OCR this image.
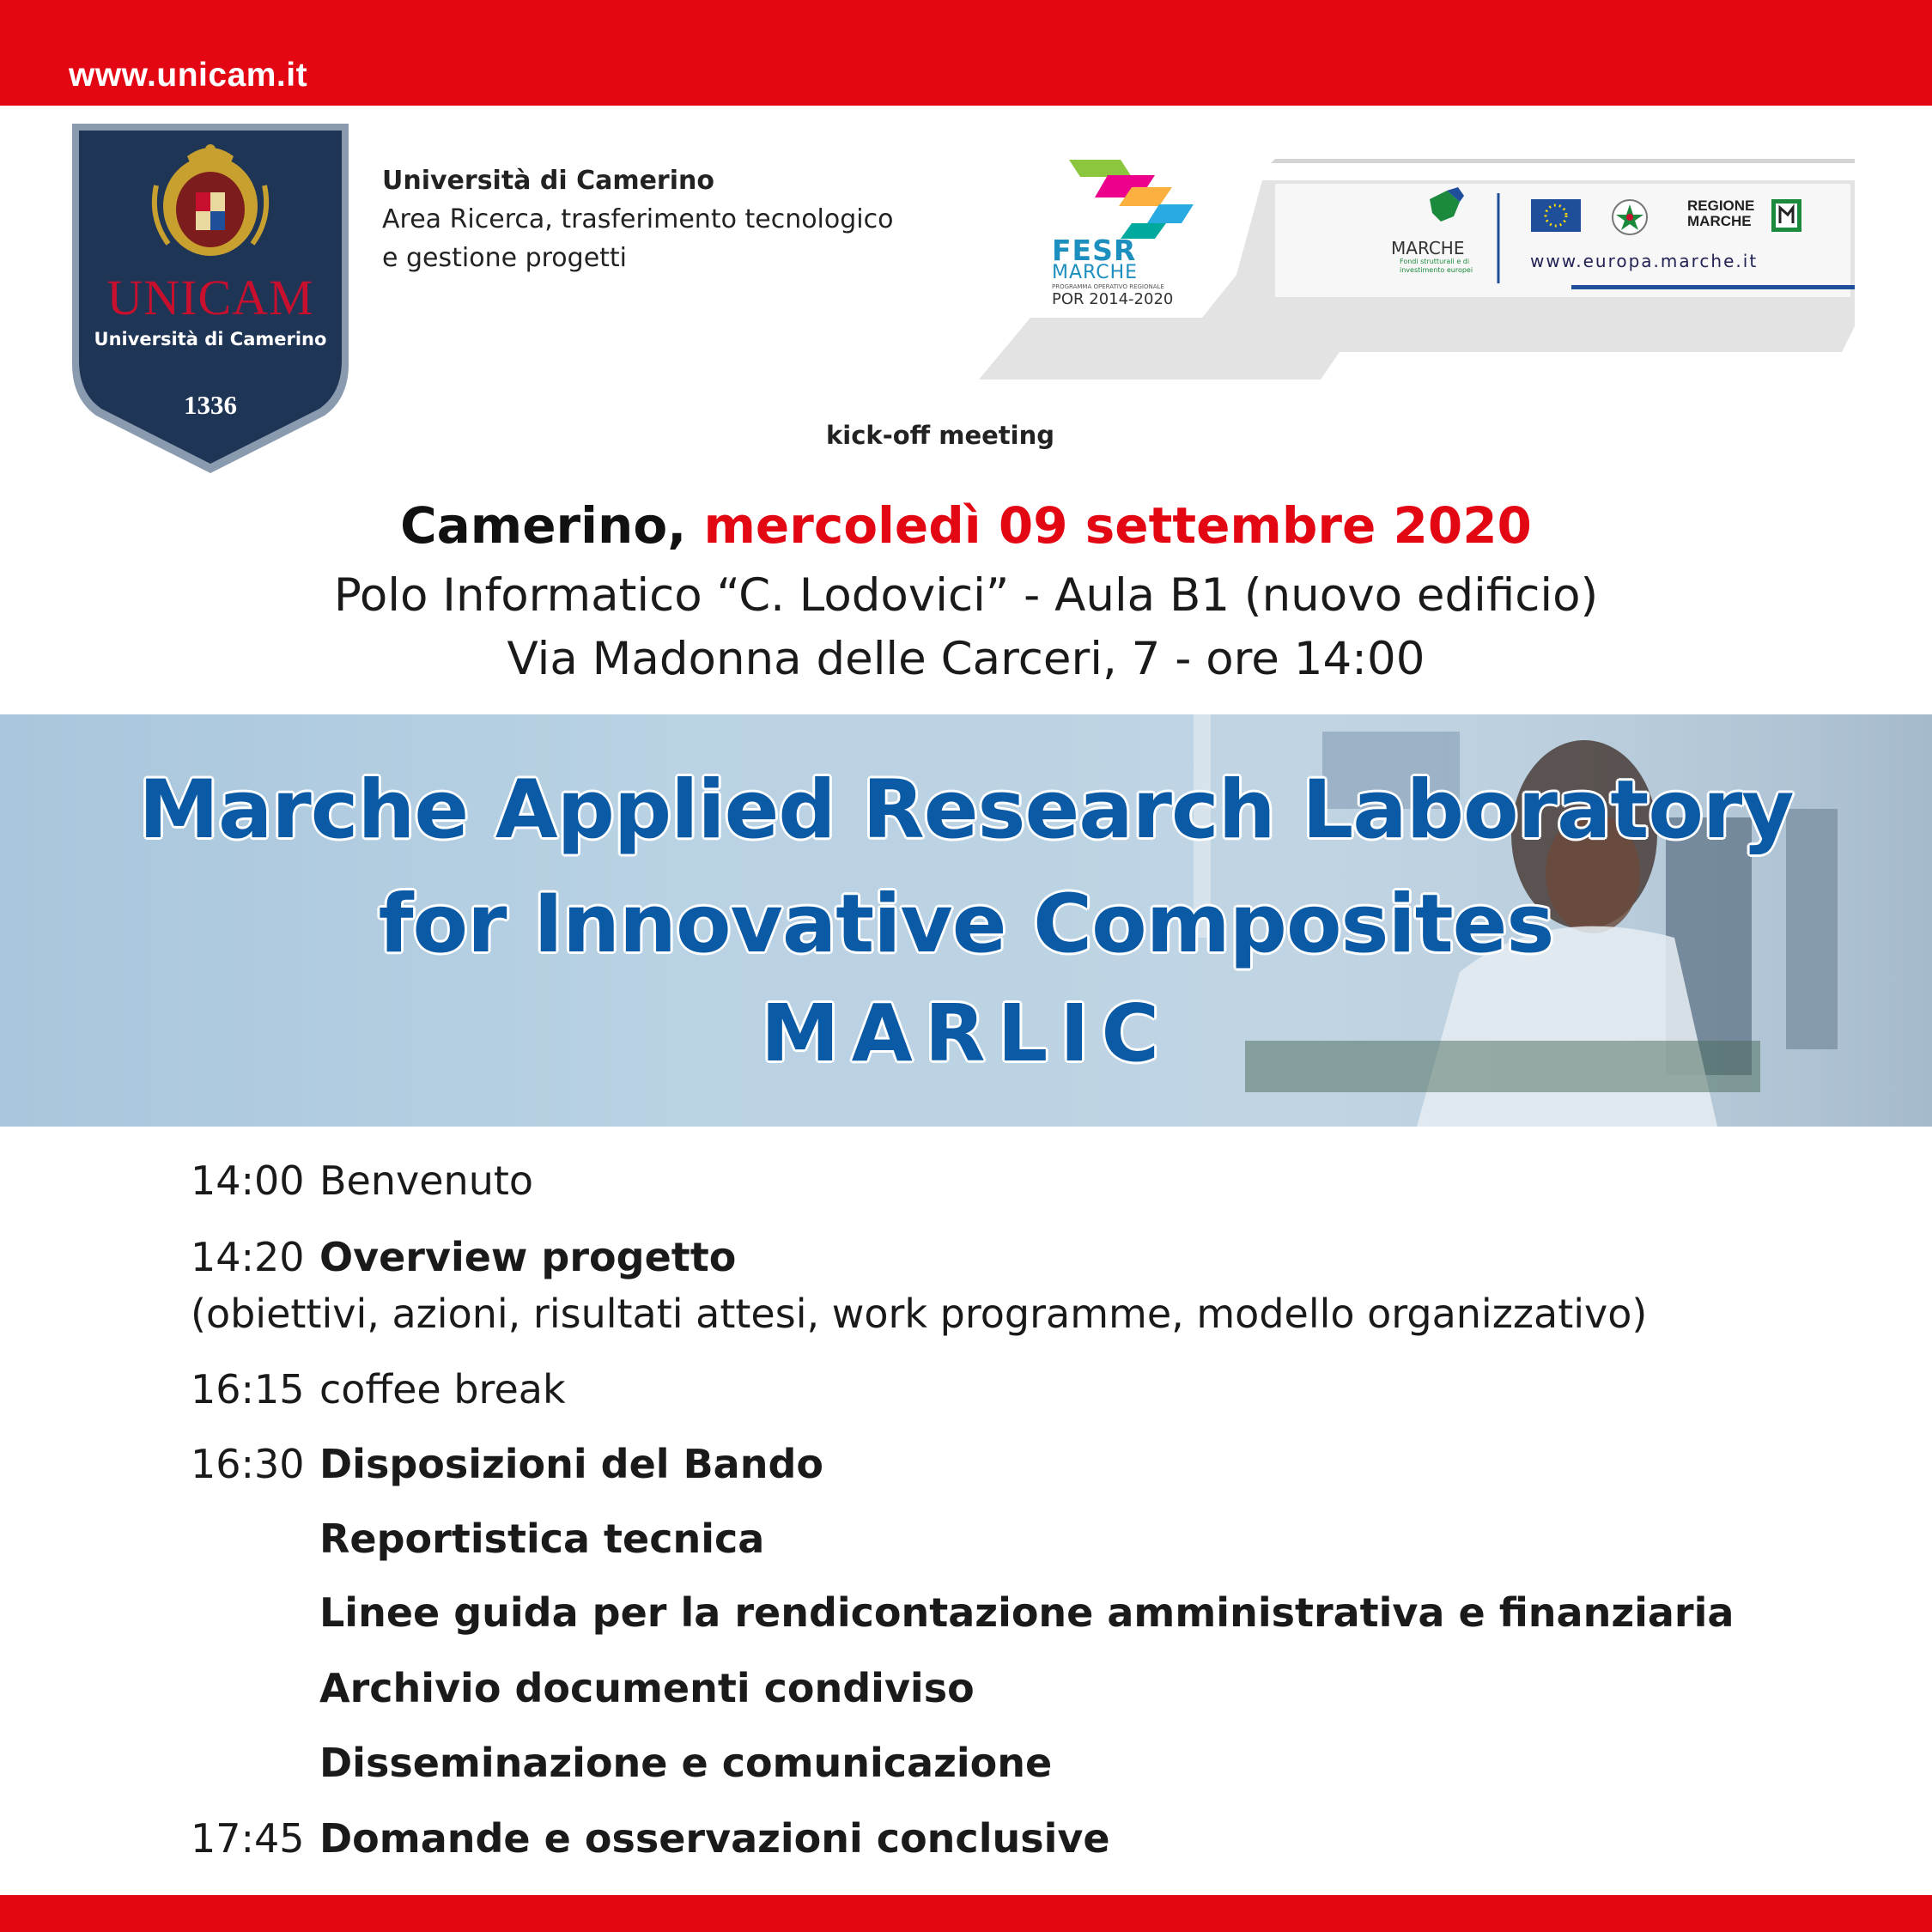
www.unicam.it
UNICAM
Università di Camerino
1336
Università di Camerino
Area Ricerca, trasferimento tecnologico
e gestione progetti	FESR
MARCHE
PROGRAMMA OPERATIVO REGIONALE
POR 2014-2020
MARCHE
Fondi strutturali e di investimento europei	www.europa.marche.it
REGIONE
MARCHE
kick-off meeting
Camerino, mercoledì 09 settembre 2020
Polo Informatico “C. Lodovici” - Aula B1 (nuovo edificio)
Via Madonna delle Carceri, 7 - ore 14:00
Marche Applied Research Laboratory
for Innovative Composites
MARLIC
14:00 Benvenuto
14:20 Overview progetto
(obiettivi, azioni, risultati attesi, work programme, modello organizzativo)
16:15 coffee break
16:30 Disposizioni del Bando
Reportistica tecnica
Linee guida per la rendicontazione amministrativa e finanziaria
Archivio documenti condiviso
Disseminazione e comunicazione
17:45 Domande e osservazioni conclusive
